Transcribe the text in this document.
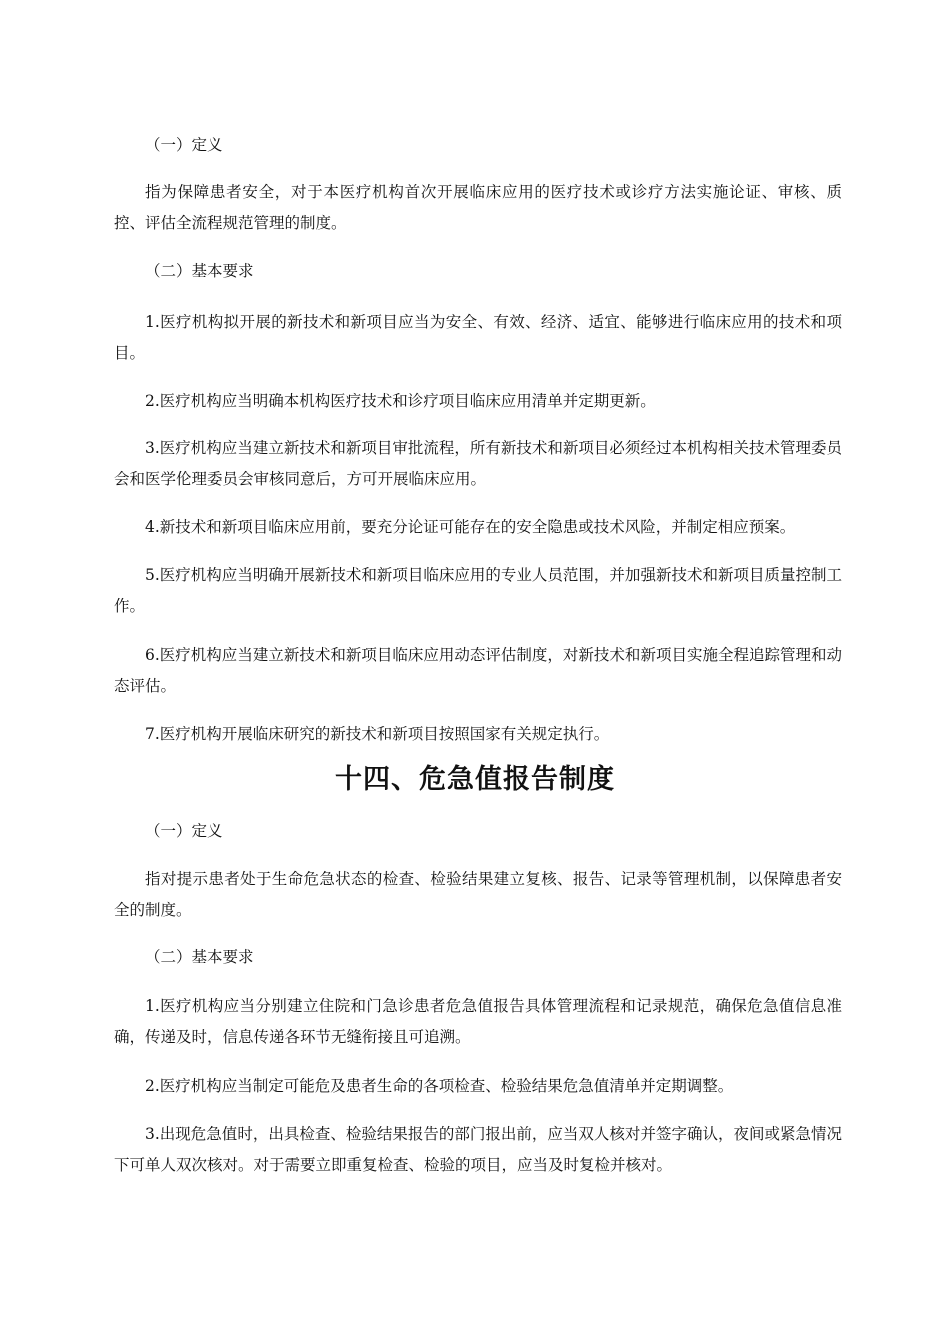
（一）定义

指为保障患者安全，对于本医疗机构首次开展临床应用的医疗技术或诊疗方法实施论证、审核、质控、评估全流程规范管理的制度。

（二）基本要求

1.医疗机构拟开展的新技术和新项目应当为安全、有效、经济、适宜、能够进行临床应用的技术和项目。

2.医疗机构应当明确本机构医疗技术和诊疗项目临床应用清单并定期更新。

3.医疗机构应当建立新技术和新项目审批流程，所有新技术和新项目必须经过本机构相关技术管理委员会和医学伦理委员会审核同意后，方可开展临床应用。

4.新技术和新项目临床应用前，要充分论证可能存在的安全隐患或技术风险，并制定相应预案。

5.医疗机构应当明确开展新技术和新项目临床应用的专业人员范围，并加强新技术和新项目质量控制工作。

6.医疗机构应当建立新技术和新项目临床应用动态评估制度，对新技术和新项目实施全程追踪管理和动态评估。

7.医疗机构开展临床研究的新技术和新项目按照国家有关规定执行。

十四、危急值报告制度

（一）定义

指对提示患者处于生命危急状态的检查、检验结果建立复核、报告、记录等管理机制，以保障患者安全的制度。

（二）基本要求

1.医疗机构应当分别建立住院和门急诊患者危急值报告具体管理流程和记录规范，确保危急值信息准确，传递及时，信息传递各环节无缝衔接且可追溯。

2.医疗机构应当制定可能危及患者生命的各项检查、检验结果危急值清单并定期调整。

3.出现危急值时，出具检查、检验结果报告的部门报出前，应当双人核对并签字确认，夜间或紧急情况下可单人双次核对。对于需要立即重复检查、检验的项目，应当及时复检并核对。
